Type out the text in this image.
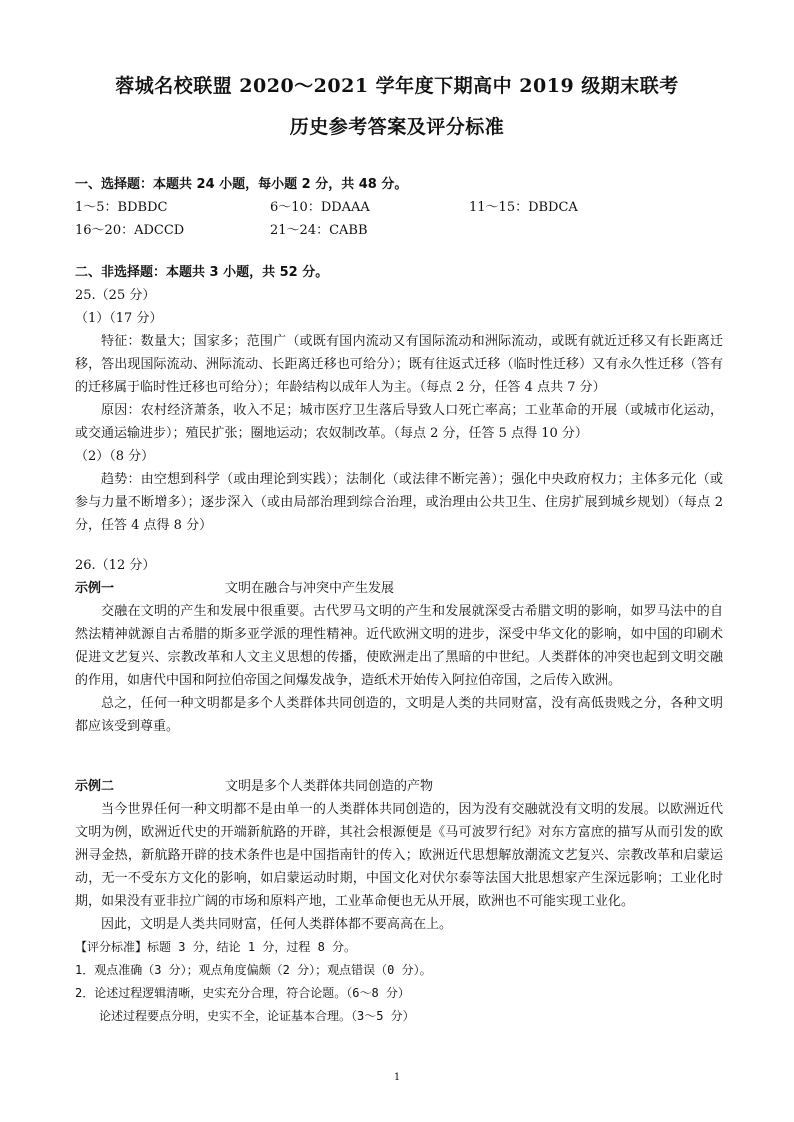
蓉城名校联盟 2020～2021 学年度下期高中 2019 级期末联考
历史参考答案及评分标准
一、选择题：本题共 24 小题，每小题 2 分，共 48 分。
1～5：BDBDC	6～10：DDAAA	11～15：DBDCA
16～20：ADCCD	21～24：CABB
二、非选择题：本题共 3 小题，共 52 分。
25.（25 分）
（1）（17 分）
特征：数量大；国家多；范围广（或既有国内流动又有国际流动和洲际流动，或既有就近迁移又有长距离迁移，答出现国际流动、洲际流动、长距离迁移也可给分）；既有往返式迁移（临时性迁移）又有永久性迁移（答有的迁移属于临时性迁移也可给分）；年龄结构以成年人为主。（每点 2 分，任答 4 点共 7 分）
原因：农村经济萧条，收入不足；城市医疗卫生落后导致人口死亡率高；工业革命的开展（或城市化运动，或交通运输进步）；殖民扩张；圈地运动；农奴制改革。（每点 2 分，任答 5 点得 10 分）
（2）（8 分）
趋势：由空想到科学（或由理论到实践）；法制化（或法律不断完善）；强化中央政府权力；主体多元化（或参与力量不断增多）；逐步深入（或由局部治理到综合治理，或治理由公共卫生、住房扩展到城乡规划）（每点 2 分，任答 4 点得 8 分）
26.（12 分）
示例一	文明在融合与冲突中产生发展
交融在文明的产生和发展中很重要。古代罗马文明的产生和发展就深受古希腊文明的影响，如罗马法中的自然法精神就源自古希腊的斯多亚学派的理性精神。近代欧洲文明的进步，深受中华文化的影响，如中国的印刷术促进文艺复兴、宗教改革和人文主义思想的传播，使欧洲走出了黑暗的中世纪。人类群体的冲突也起到文明交融的作用，如唐代中国和阿拉伯帝国之间爆发战争，造纸术开始传入阿拉伯帝国，之后传入欧洲。
总之，任何一种文明都是多个人类群体共同创造的，文明是人类的共同财富，没有高低贵贱之分，各种文明都应该受到尊重。
示例二	文明是多个人类群体共同创造的产物
当今世界任何一种文明都不是由单一的人类群体共同创造的，因为没有交融就没有文明的发展。以欧洲近代文明为例，欧洲近代史的开端新航路的开辟，其社会根源便是《马可波罗行纪》对东方富庶的描写从而引发的欧洲寻金热，新航路开辟的技术条件也是中国指南针的传入；欧洲近代思想解放潮流文艺复兴、宗教改革和启蒙运动，无一不受东方文化的影响，如启蒙运动时期，中国文化对伏尔泰等法国大批思想家产生深远影响；工业化时期，如果没有亚非拉广阔的市场和原料产地，工业革命便也无从开展，欧洲也不可能实现工业化。
因此，文明是人类共同财富，任何人类群体都不要高高在上。
【评分标准】标题 3 分，结论 1 分，过程 8 分。
1．观点准确（3 分）；观点角度偏颇（2 分）；观点错误（0 分）。
2．论述过程逻辑清晰，史实充分合理，符合论题。（6～8 分）
论述过程要点分明，史实不全，论证基本合理。（3～5 分）
1
